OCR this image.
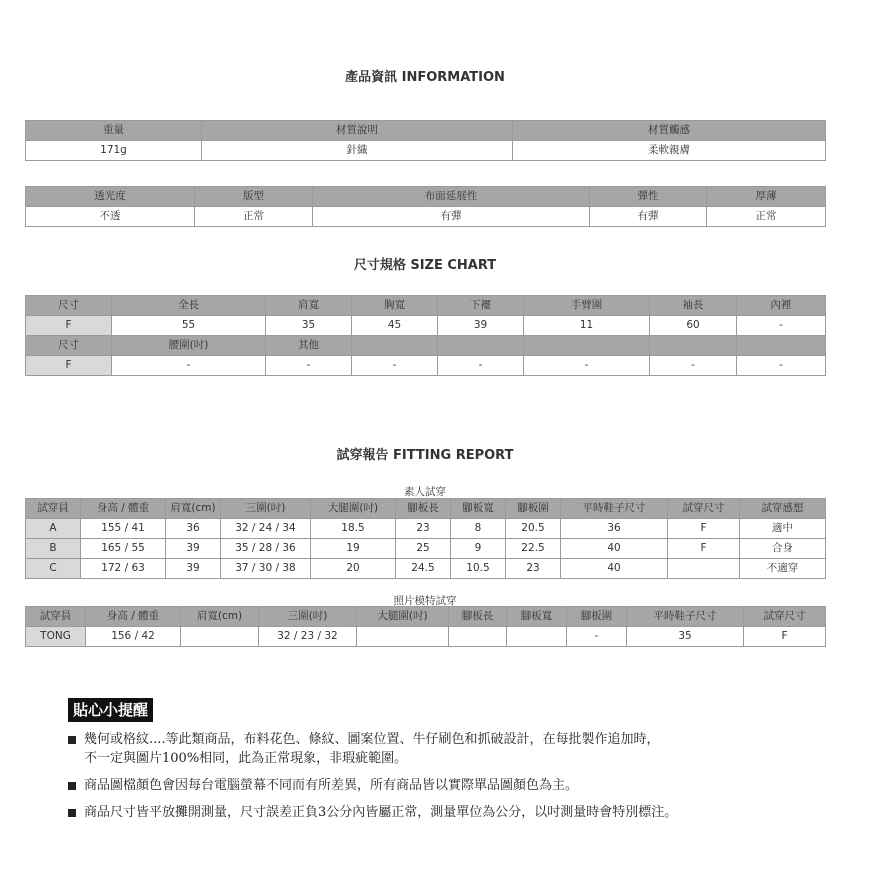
產品資訊 INFORMATION
重量	材質說明	材質觸感
171g	針織	柔軟親膚
透光度	版型	布面延展性	彈性	厚薄
不透	正常	有彈	有彈	正常
尺寸規格 SIZE CHART
尺寸	全長	肩寬	胸寬	下襬	手臂圍	袖長	內裡
F	55	35	45	39	11	60	-
尺寸	腰圍(吋)	其他					
F	-	-	-	-	-	-	-
試穿報告 FITTING REPORT
素人試穿
試穿員	身高 / 體重	肩寬(cm)	三圍(吋)	大腿圍(吋)	腳板長	腳板寬	腳板圍	平時鞋子尺寸	試穿尺寸	試穿感想
A	155 / 41	36	32 / 24 / 34	18.5	23	8	20.5	36	F	適中
B	165 / 55	39	35 / 28 / 36	19	25	9	22.5	40	F	合身
C	172 / 63	39	37 / 30 / 38	20	24.5	10.5	23	40		不適穿
照片模特試穿
試穿員	身高 / 體重	肩寬(cm)	三圍(吋)	大腿圍(吋)	腳板長	腳板寬	腳板圍	平時鞋子尺寸	試穿尺寸
TONG	156 / 42		32 / 23 / 32				-	35	F
貼心小提醒
幾何或格紋....等此類商品，布料花色、條紋、圖案位置、牛仔刷色和抓破設計，在每批製作追加時，
不一定與圖片100%相同，此為正常現象，非瑕疵範圍。
商品圖檔顏色會因每台電腦螢幕不同而有所差異，所有商品皆以實際單品圖顏色為主。
商品尺寸皆平放攤開測量，尺寸誤差正負3公分內皆屬正常，測量單位為公分，以吋測量時會特別標注。
